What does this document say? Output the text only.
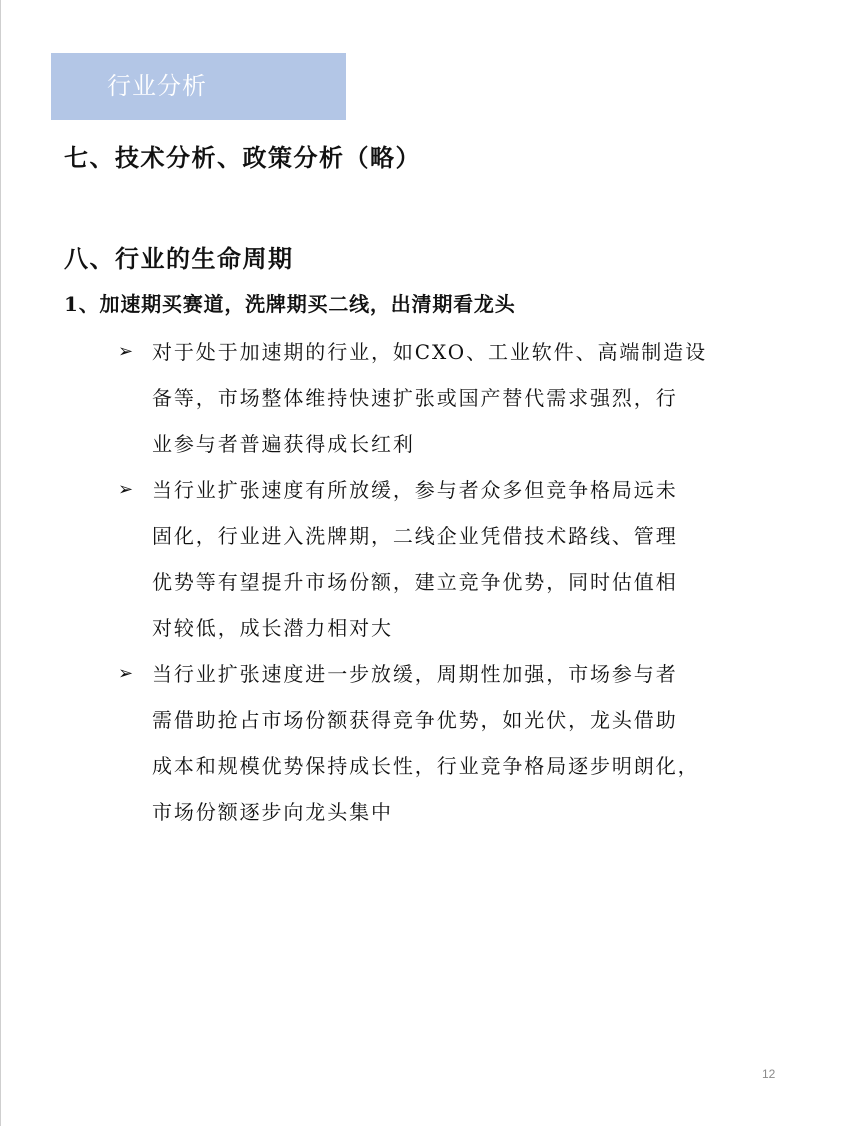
行业分析
七、技术分析、政策分析（略）
八、行业的生命周期
1、加速期买赛道，洗牌期买二线，出清期看龙头
➢ 对于处于加速期的行业，如CXO、工业软件、高端制造设
备等，市场整体维持快速扩张或国产替代需求强烈，行
业参与者普遍获得成长红利
➢ 当行业扩张速度有所放缓，参与者众多但竞争格局远未
固化，行业进入洗牌期，二线企业凭借技术路线、管理
优势等有望提升市场份额，建立竞争优势，同时估值相
对较低，成长潜力相对大
➢ 当行业扩张速度进一步放缓，周期性加强，市场参与者
需借助抢占市场份额获得竞争优势，如光伏，龙头借助
成本和规模优势保持成长性，行业竞争格局逐步明朗化，
市场份额逐步向龙头集中
12
